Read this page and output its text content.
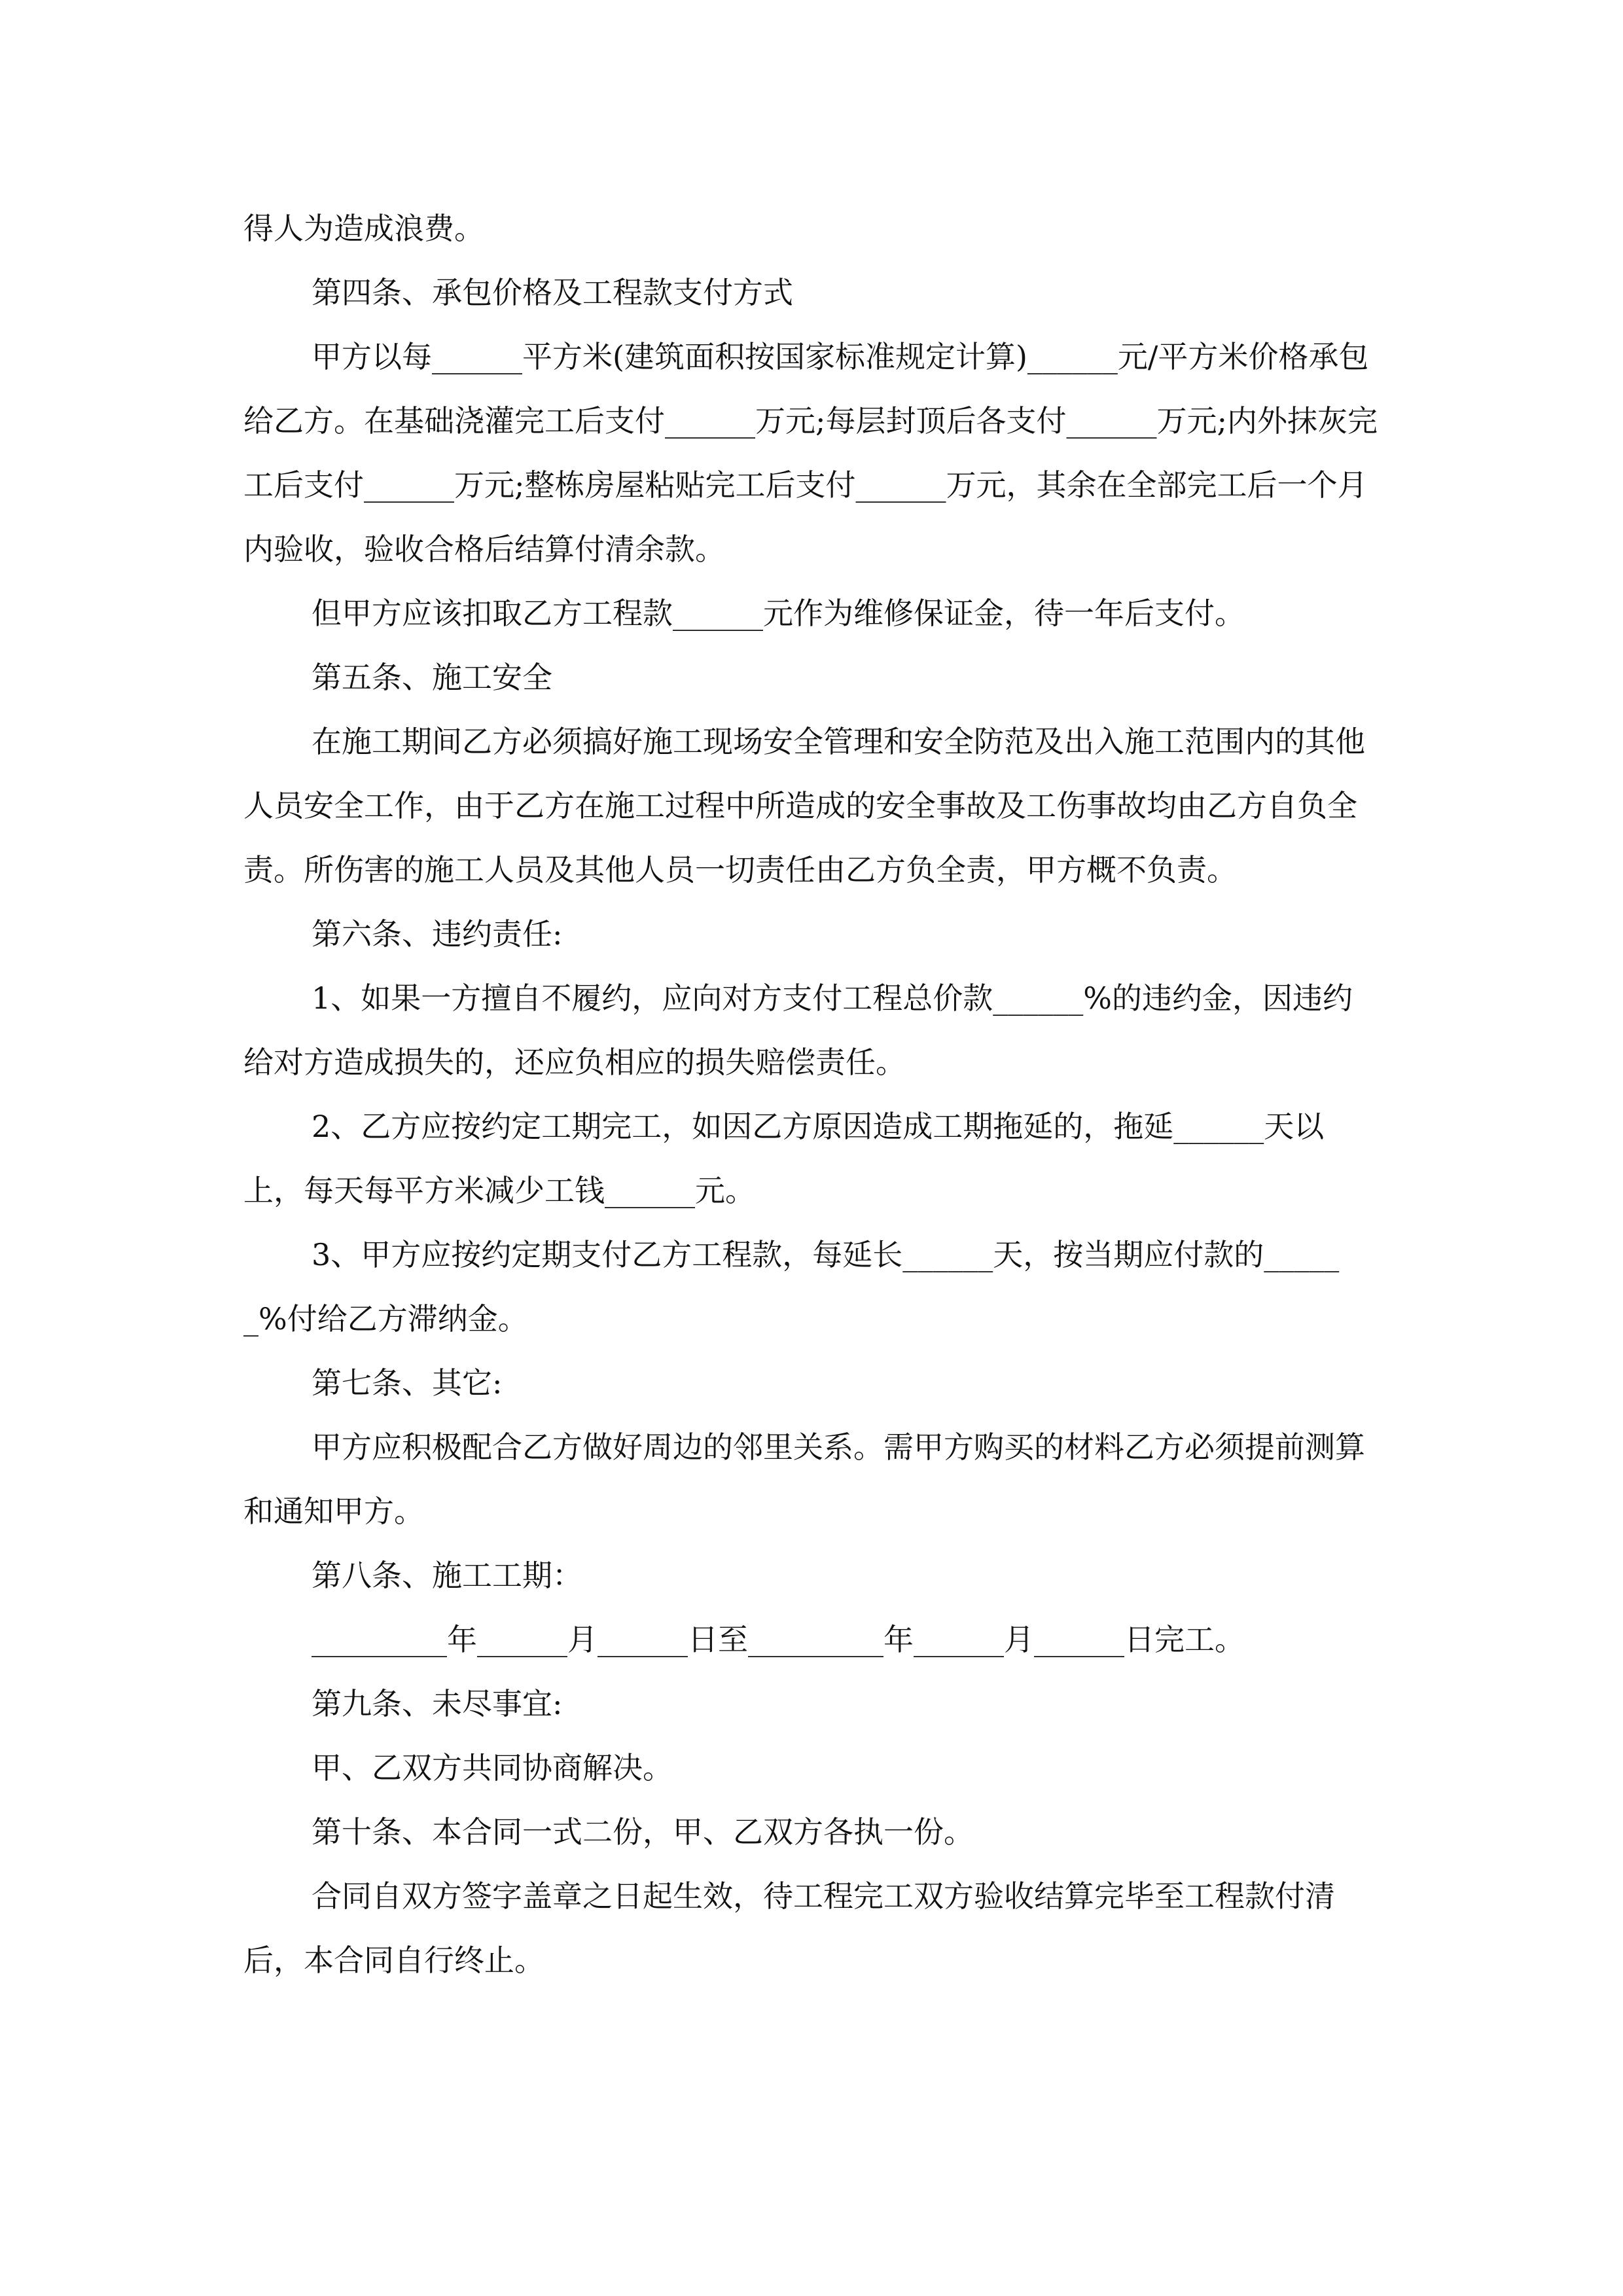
得人为造成浪费。

第四条、承包价格及工程款支付方式

甲方以每______平方米(建筑面积按国家标准规定计算)______元/平方米价格承包给乙方。在基础浇灌完工后支付______万元;每层封顶后各支付______万元;内外抹灰完工后支付______万元;整栋房屋粘贴完工后支付______万元，其余在全部完工后一个月内验收，验收合格后结算付清余款。

但甲方应该扣取乙方工程款______元作为维修保证金，待一年后支付。

第五条、施工安全

在施工期间乙方必须搞好施工现场安全管理和安全防范及出入施工范围内的其他人员安全工作，由于乙方在施工过程中所造成的安全事故及工伤事故均由乙方自负全责。所伤害的施工人员及其他人员一切责任由乙方负全责，甲方概不负责。

第六条、违约责任:

1、如果一方擅自不履约，应向对方支付工程总价款______%的违约金，因违约给对方造成损失的，还应负相应的损失赔偿责任。

2、乙方应按约定工期完工，如因乙方原因造成工期拖延的，拖延______天以上，每天每平方米减少工钱______元。

3、甲方应按约定期支付乙方工程款，每延长______天，按当期应付款的______%付给乙方滞纳金。

第七条、其它:

甲方应积极配合乙方做好周边的邻里关系。需甲方购买的材料乙方必须提前测算和通知甲方。

第八条、施工工期：

_________年______月______日至_________年______月______日完工。

第九条、未尽事宜:

甲、乙双方共同协商解决。

第十条、本合同一式二份，甲、乙双方各执一份。

合同自双方签字盖章之日起生效，待工程完工双方验收结算完毕至工程款付清后，本合同自行终止。
